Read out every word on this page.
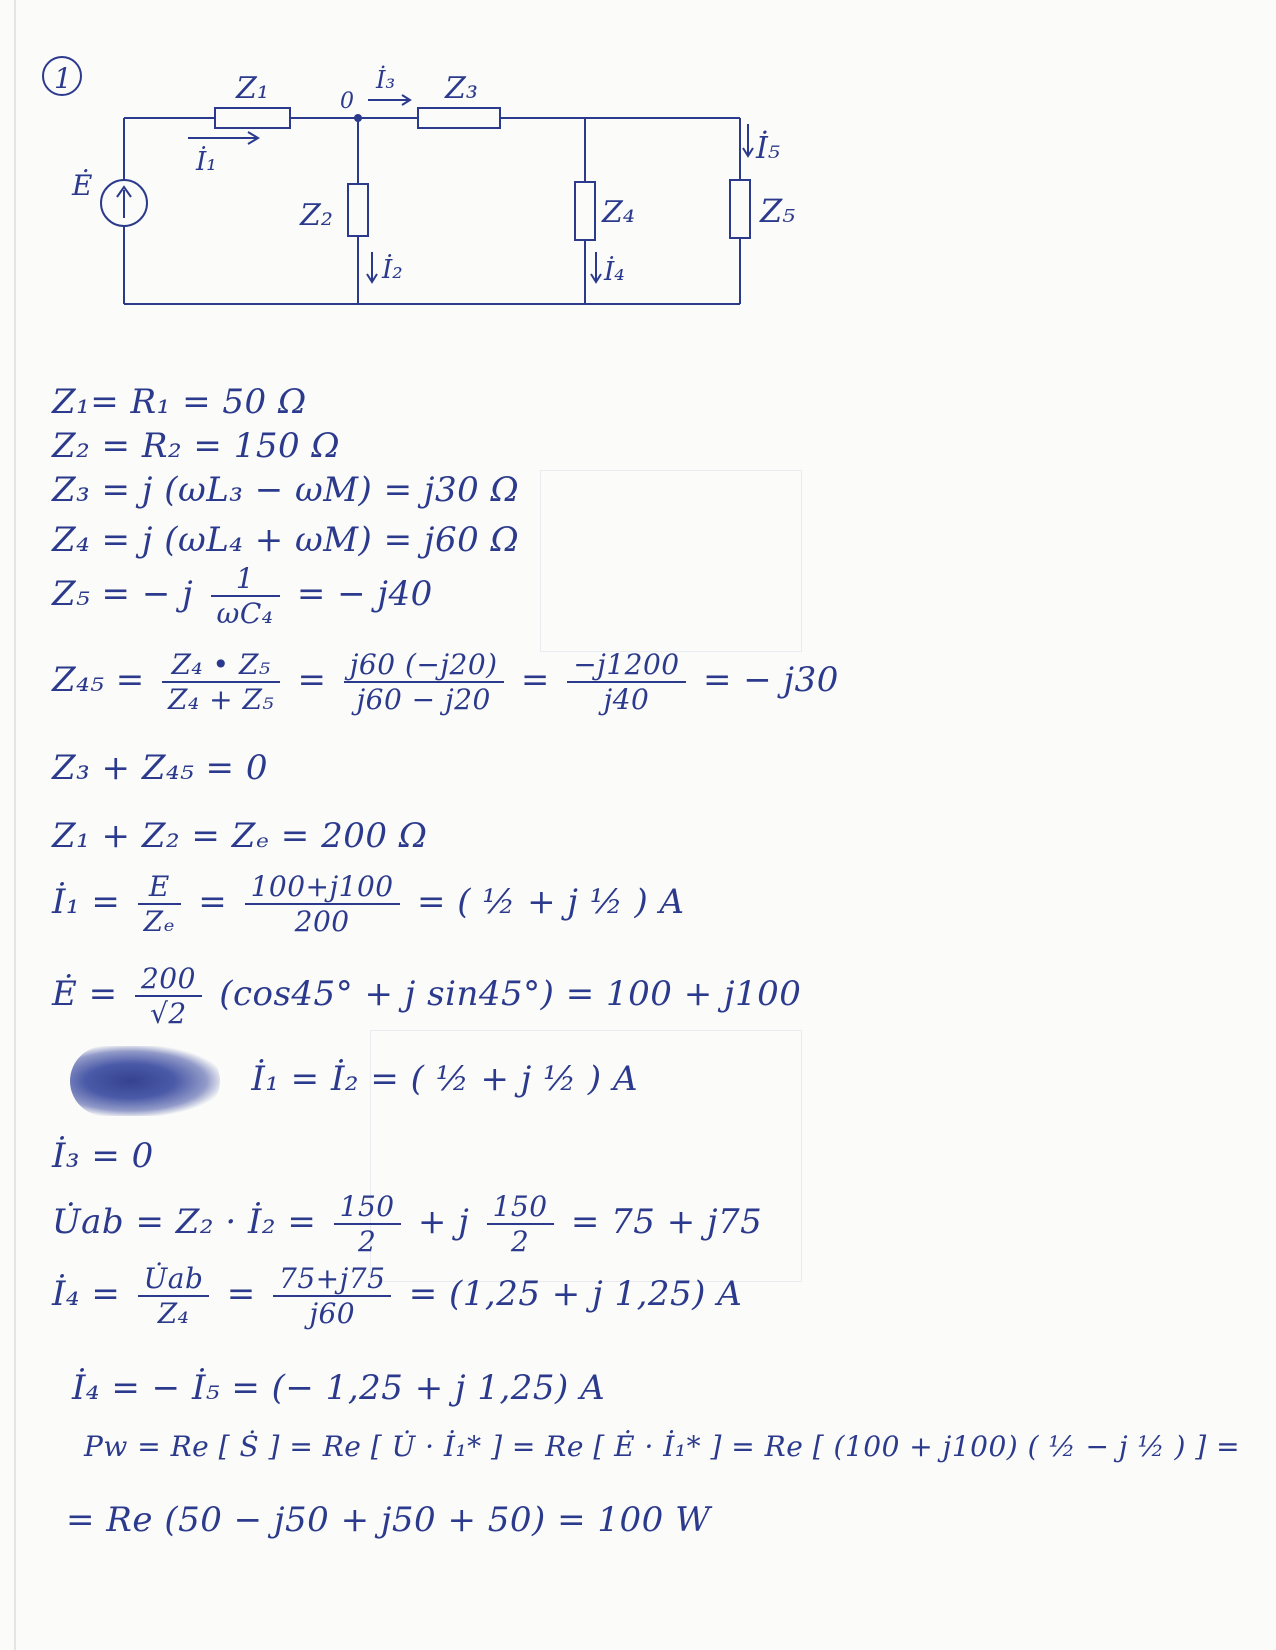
1
Ė
0
Z₁
Z₂
Z₃
Z₄	Z₅
İ₁
İ₂
İ₃
İ₄
İ₅
Z₁= R₁ = 50 Ω
Z₂ = R₂ = 150 Ω
Z₃ = j (ωL₃ − ωM) = j30 Ω
Z₄ = j (ωL₄ + ωM) = j60 Ω
Z₅ = − j $\frac{1}{\text{ωC₄}}$ = − j40
$Z_{45} = \frac{\text{Z₄ • Z₅}}{\text{Z₄ + Z₅}} = \frac{j60 (-j20)}{j60 - j20} = \frac{-j1200}{j40}$ = − j30
Z₃ + Z₄₅ = 0
Z₁ + Z₂ = Zₑ = 200 Ω
İ₁ = $\frac{E}{\text{Zₑ}} = \frac{100+j100}{200}$ = ( ½ + j ½ ) A
Ė = $\frac{200}{√2} (\cos 45^\circ + j$ sin45°) = 100 + j100
İ₁ = İ₂ = ( ½ + j ½ ) A
İ₃ = 0
U̇ab = Z₂ · İ₂ = $\frac{150}{2} + j \frac{150}{2} = 75 + j75$
İ₄ = $\frac{U̇ab}{\text{Z₄}} = \frac{75+j75}{j60} = (1,25 + j$ 1,25) A
İ₄ = − İ₅ = (− 1,25 + j 1,25) A
Pw = Re [ Ṡ ] = Re [ U̇ · İ₁* ] = Re [ Ė · İ₁* ] = Re [ (100 + j100) ( ½ − j ½ ) ] =
= Re (50 − j50 + j50 + 50) = 100 W
